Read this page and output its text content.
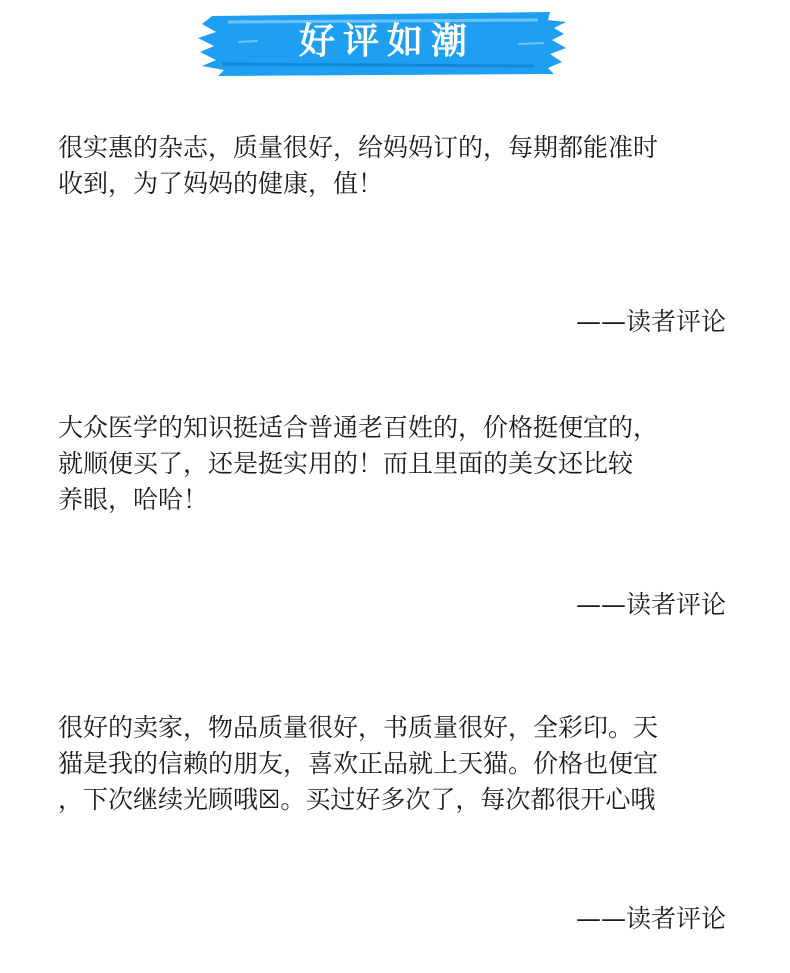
好评如潮
很实惠的杂志，质量很好，给妈妈订的，每期都能准时
收到，为了妈妈的健康，值！
——读者评论
大众医学的知识挺适合普通老百姓的，价格挺便宜的，
就顺便买了，还是挺实用的！而且里面的美女还比较
养眼，哈哈！
——读者评论
很好的卖家，物品质量很好，书质量很好，全彩印。天
猫是我的信赖的朋友，喜欢正品就上天猫。价格也便宜
，下次继续光顾哦☒。买过好多次了，每次都很开心哦
——读者评论
